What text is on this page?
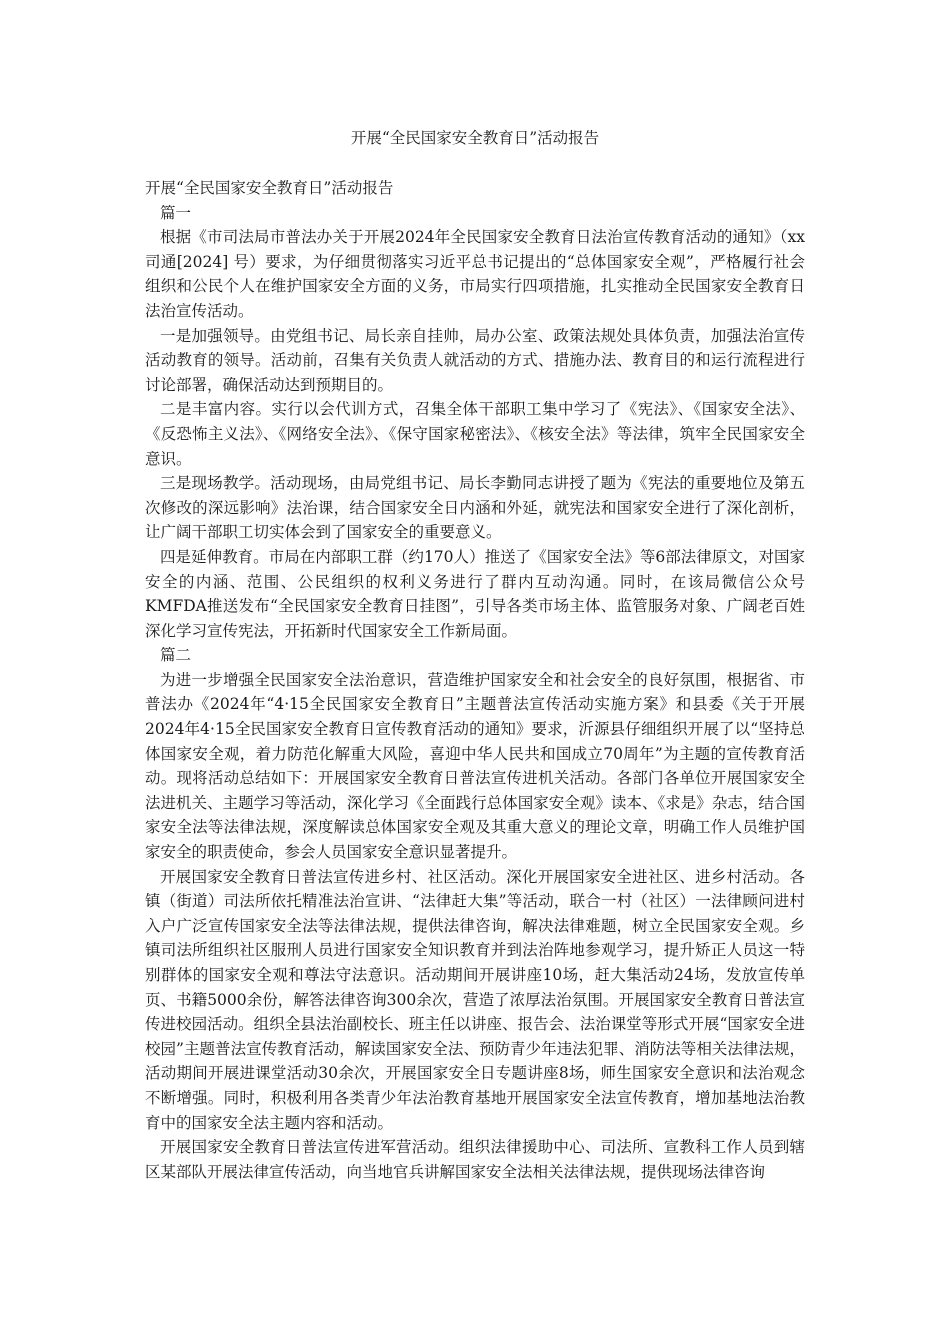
开展“全民国家安全教育日”活动报告

开展“全民国家安全教育日”活动报告

篇一

根据《市司法局市普法办关于开展2024年全民国家安全教育日法治宣传教育活动的通知》（xx司通[2024] 号）要求，为仔细贯彻落实习近平总书记提出的“总体国家安全观”，严格履行社会组织和公民个人在维护国家安全方面的义务，市局实行四项措施，扎实推动全民国家安全教育日法治宣传活动。

一是加强领导。由党组书记、局长亲自挂帅，局办公室、政策法规处具体负责，加强法治宣传活动教育的领导。活动前，召集有关负责人就活动的方式、措施办法、教育目的和运行流程进行讨论部署，确保活动达到预期目的。

二是丰富内容。实行以会代训方式，召集全体干部职工集中学习了《宪法》、《国家安全法》、《反恐怖主义法》、《网络安全法》、《保守国家秘密法》、《核安全法》等法律，筑牢全民国家安全意识。

三是现场教学。活动现场，由局党组书记、局长李勤同志讲授了题为《宪法的重要地位及第五次修改的深远影响》法治课，结合国家安全日内涵和外延，就宪法和国家安全进行了深化剖析，让广阔干部职工切实体会到了国家安全的重要意义。

四是延伸教育。市局在内部职工群（约170人）推送了《国家安全法》等6部法律原文，对国家安全的内涵、范围、公民组织的权利义务进行了群内互动沟通。同时，在该局微信公众号KMFDA推送发布“全民国家安全教育日挂图”，引导各类市场主体、监管服务对象、广阔老百姓深化学习宣传宪法，开拓新时代国家安全工作新局面。

篇二

为进一步增强全民国家安全法治意识，营造维护国家安全和社会安全的良好氛围，根据省、市普法办《2024年“4·15全民国家安全教育日”主题普法宣传活动实施方案》和县委《关于开展2024年4·15全民国家安全教育日宣传教育活动的通知》要求，沂源县仔细组织开展了以“坚持总体国家安全观，着力防范化解重大风险，喜迎中华人民共和国成立70周年”为主题的宣传教育活动。现将活动总结如下：开展国家安全教育日普法宣传进机关活动。各部门各单位开展国家安全法进机关、主题学习等活动，深化学习《全面践行总体国家安全观》读本、《求是》杂志，结合国家安全法等法律法规，深度解读总体国家安全观及其重大意义的理论文章，明确工作人员维护国家安全的职责使命，参会人员国家安全意识显著提升。

开展国家安全教育日普法宣传进乡村、社区活动。深化开展国家安全进社区、进乡村活动。各镇（街道）司法所依托精准法治宣讲、“法律赶大集”等活动，联合一村（社区）一法律顾问进村入户广泛宣传国家安全法等法律法规，提供法律咨询，解决法律难题，树立全民国家安全观。乡镇司法所组织社区服刑人员进行国家安全知识教育并到法治阵地参观学习，提升矫正人员这一特别群体的国家安全观和尊法守法意识。活动期间开展讲座10场，赶大集活动24场，发放宣传单页、书籍5000余份，解答法律咨询300余次，营造了浓厚法治氛围。开展国家安全教育日普法宣传进校园活动。组织全县法治副校长、班主任以讲座、报告会、法治课堂等形式开展“国家安全进校园”主题普法宣传教育活动，解读国家安全法、预防青少年违法犯罪、消防法等相关法律法规，活动期间开展进课堂活动30余次，开展国家安全日专题讲座8场，师生国家安全意识和法治观念不断增强。同时，积极利用各类青少年法治教育基地开展国家安全法宣传教育，增加基地法治教育中的国家安全法主题内容和活动。

开展国家安全教育日普法宣传进军营活动。组织法律援助中心、司法所、宣教科工作人员到辖区某部队开展法律宣传活动，向当地官兵讲解国家安全法相关法律法规，提供现场法律咨询
